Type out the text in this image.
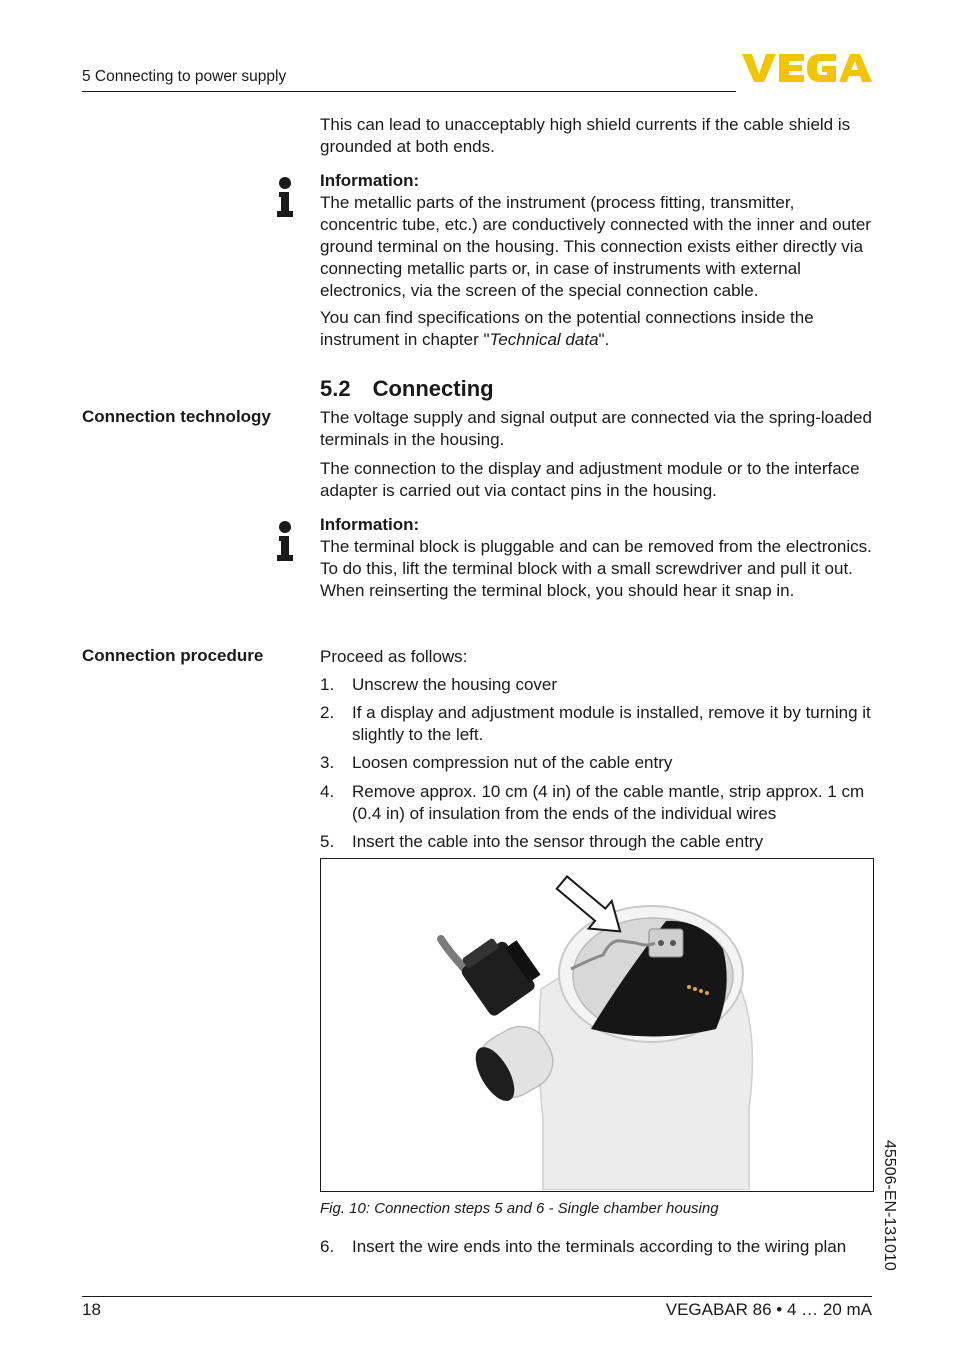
5 Connecting to power supply
This can lead to unacceptably high shield currents if the cable shield is grounded at both ends.
Information:
The metallic parts of the instrument (process fitting, transmitter, concentric tube, etc.) are conductively connected with the inner and outer ground terminal on the housing. This connection exists either directly via connecting metallic parts or, in case of instruments with external electronics, via the screen of the special connection cable.
You can find specifications on the potential connections inside the instrument in chapter "Technical data".
5.2 Connecting
Connection technology	The voltage supply and signal output are connected via the spring-loaded terminals in the housing.
The connection to the display and adjustment module or to the interface adapter is carried out via contact pins in the housing.
Information:
The terminal block is pluggable and can be removed from the electronics. To do this, lift the terminal block with a small screwdriver and pull it out. When reinserting the terminal block, you should hear it snap in.
Connection procedure	Proceed as follows:
1. Unscrew the housing cover
2. If a display and adjustment module is installed, remove it by turning it slightly to the left.
3. Loosen compression nut of the cable entry
4. Remove approx. 10 cm (4 in) of the cable mantle, strip approx. 1 cm (0.4 in) of insulation from the ends of the individual wires
5. Insert the cable into the sensor through the cable entry
Fig. 10: Connection steps 5 and 6 - Single chamber housing
6. Insert the wire ends into the terminals according to the wiring plan	45506-EN-131010
18	VEGABAR 86 • 4 … 20 mA
